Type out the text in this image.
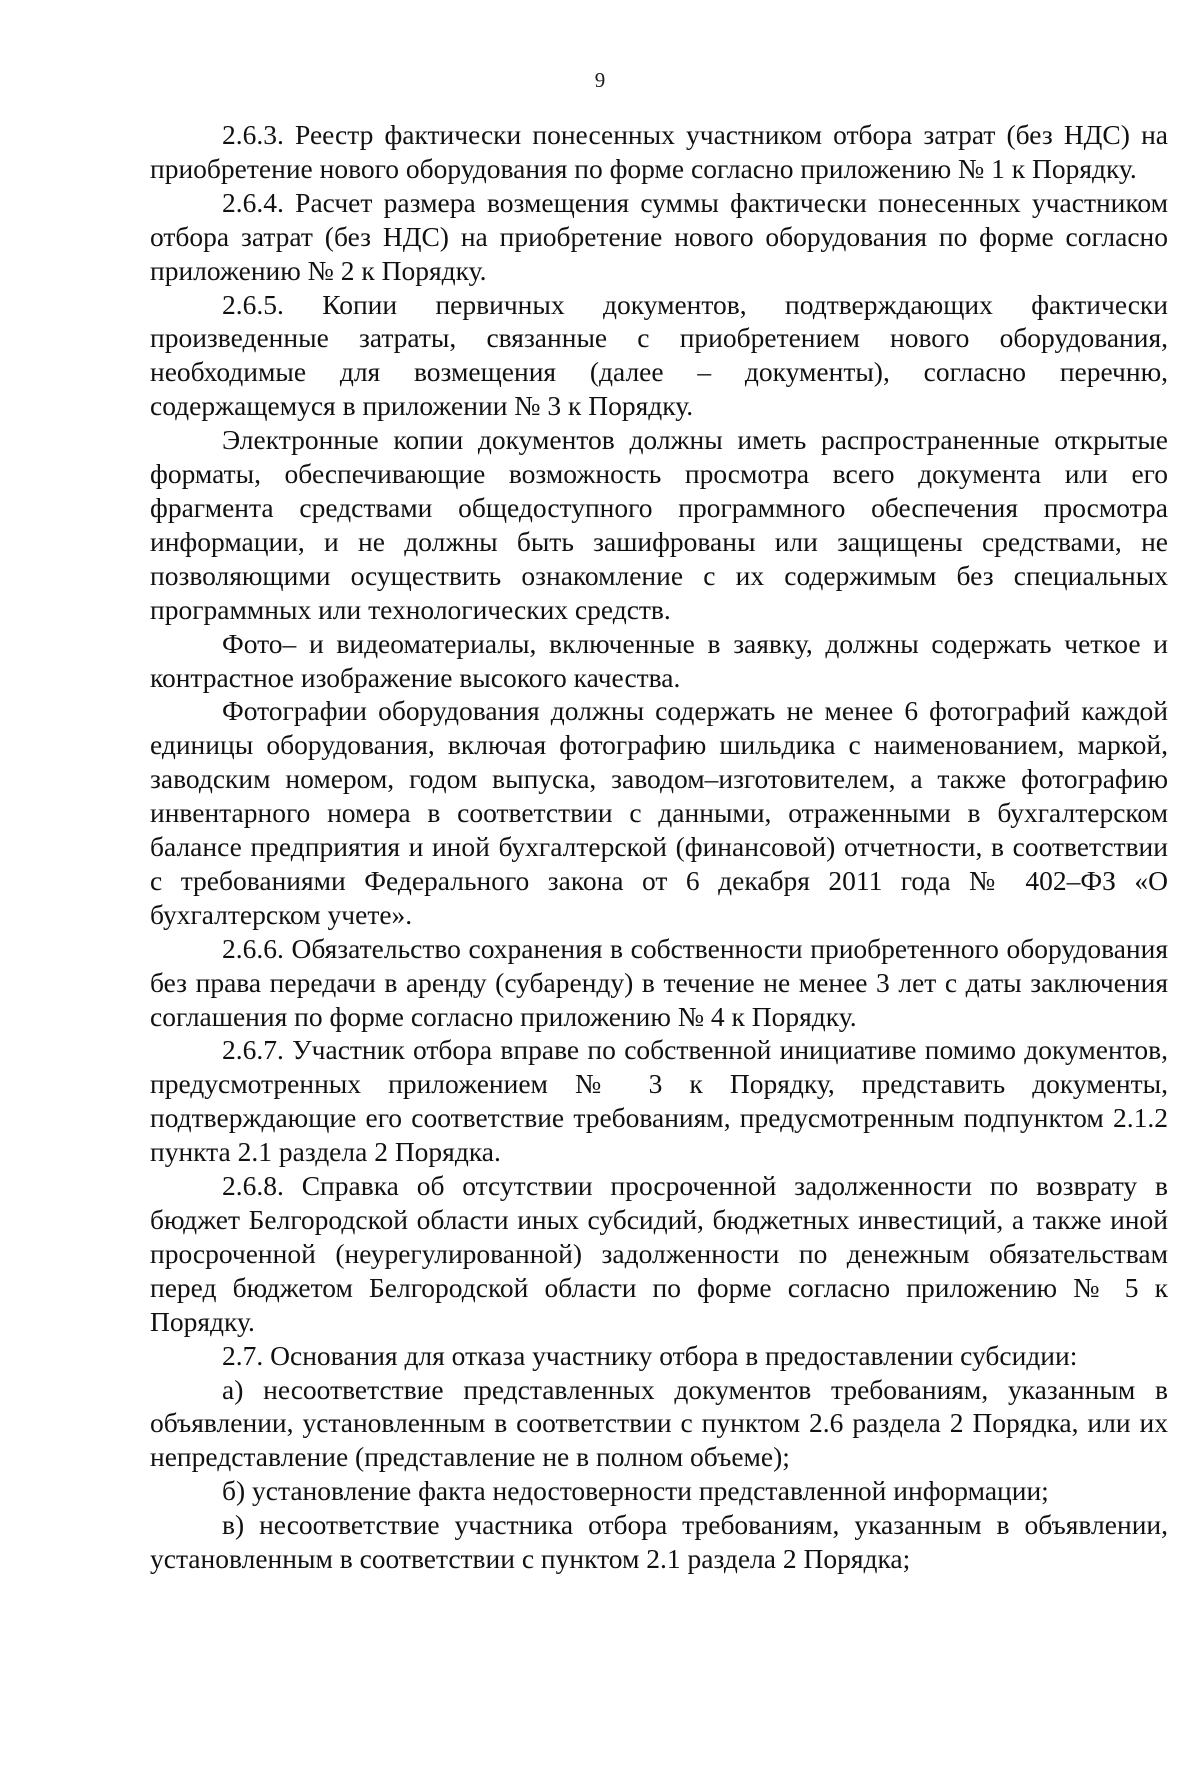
9

2.6.3. Реестр фактически понесенных участником отбора затрат (без НДС) на приобретение нового оборудования по форме согласно приложению № 1 к Порядку.

2.6.4. Расчет размера возмещения суммы фактически понесенных участником отбора затрат (без НДС) на приобретение нового оборудования по форме согласно приложению № 2 к Порядку.

2.6.5. Копии первичных документов, подтверждающих фактически произведенные затраты, связанные с приобретением нового оборудования, необходимые для возмещения (далее – документы), согласно перечню, содержащемуся в приложении № 3 к Порядку.

Электронные копии документов должны иметь распространенные открытые форматы, обеспечивающие возможность просмотра всего документа или его фрагмента средствами общедоступного программного обеспечения просмотра информации, и не должны быть зашифрованы или защищены средствами, не позволяющими осуществить ознакомление с их содержимым без специальных программных или технологических средств.

Фото– и видеоматериалы, включенные в заявку, должны содержать четкое и контрастное изображение высокого качества.

Фотографии оборудования должны содержать не менее 6 фотографий каждой единицы оборудования, включая фотографию шильдика с наименованием, маркой, заводским номером, годом выпуска, заводом–изготовителем, а также фотографию инвентарного номера в соответствии с данными, отраженными в бухгалтерском балансе предприятия и иной бухгалтерской (финансовой) отчетности, в соответствии с требованиями Федерального закона от 6 декабря 2011 года № 402–ФЗ «О бухгалтерском учете».

2.6.6. Обязательство сохранения в собственности приобретенного оборудования без права передачи в аренду (субаренду) в течение не менее 3 лет с даты заключения соглашения по форме согласно приложению № 4 к Порядку.

2.6.7. Участник отбора вправе по собственной инициативе помимо документов, предусмотренных приложением № 3 к Порядку, представить документы, подтверждающие его соответствие требованиям, предусмотренным подпунктом 2.1.2 пункта 2.1 раздела 2 Порядка.

2.6.8. Справка об отсутствии просроченной задолженности по возврату в бюджет Белгородской области иных субсидий, бюджетных инвестиций, а также иной просроченной (неурегулированной) задолженности по денежным обязательствам перед бюджетом Белгородской области по форме согласно приложению № 5 к Порядку.

2.7. Основания для отказа участнику отбора в предоставлении субсидии:

а) несоответствие представленных документов требованиям, указанным в объявлении, установленным в соответствии с пунктом 2.6 раздела 2 Порядка, или их непредставление (представление не в полном объеме);

б) установление факта недостоверности представленной информации;

в) несоответствие участника отбора требованиям, указанным в объявлении, установленным в соответствии с пунктом 2.1 раздела 2 Порядка;
